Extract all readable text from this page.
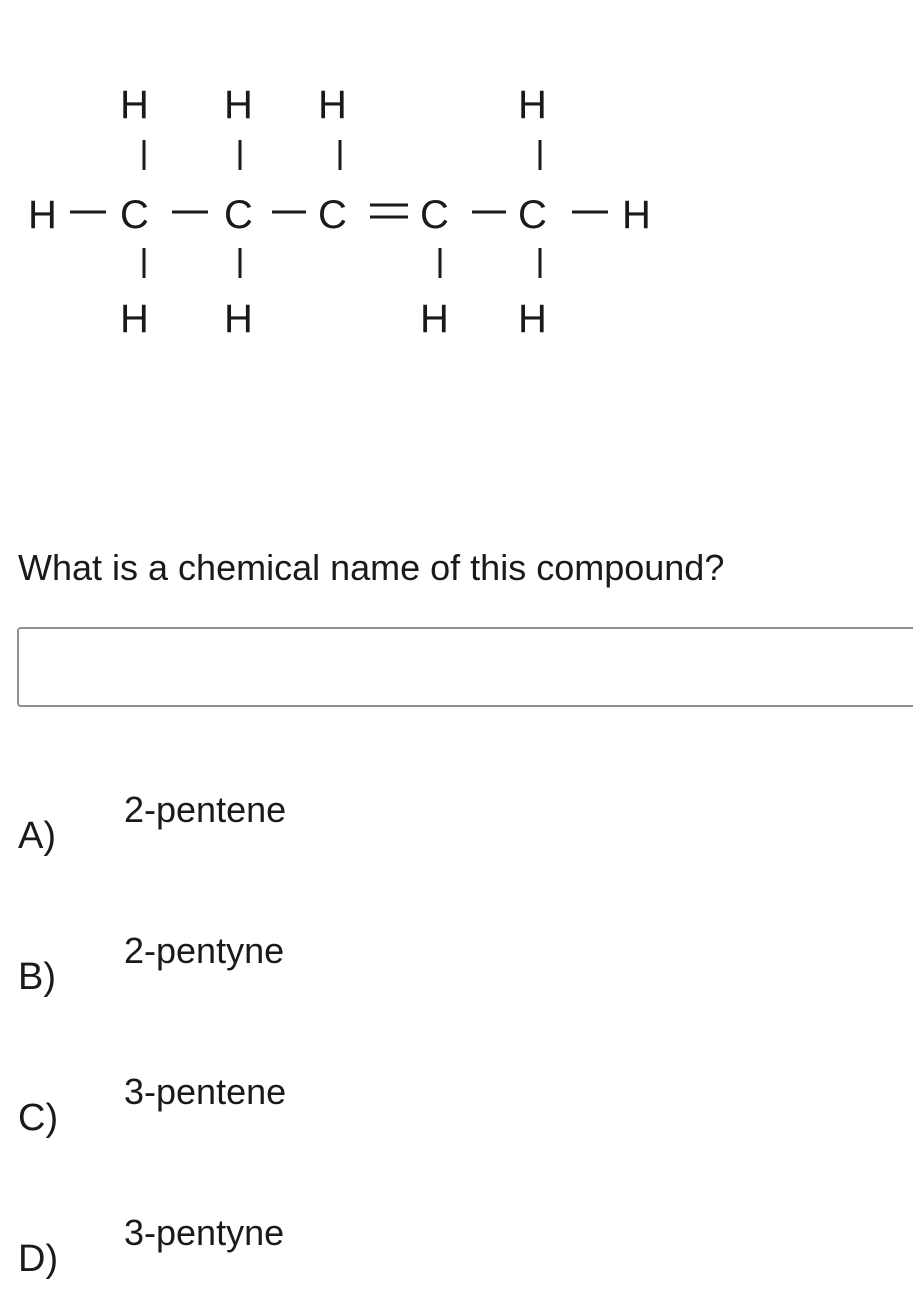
H C C C C C H
H H H	H
H H	H H

What is a chemical name of this compound?

A)
2-pentene
B)
2-pentyne
C)
3-pentene
D)
3-pentyne
